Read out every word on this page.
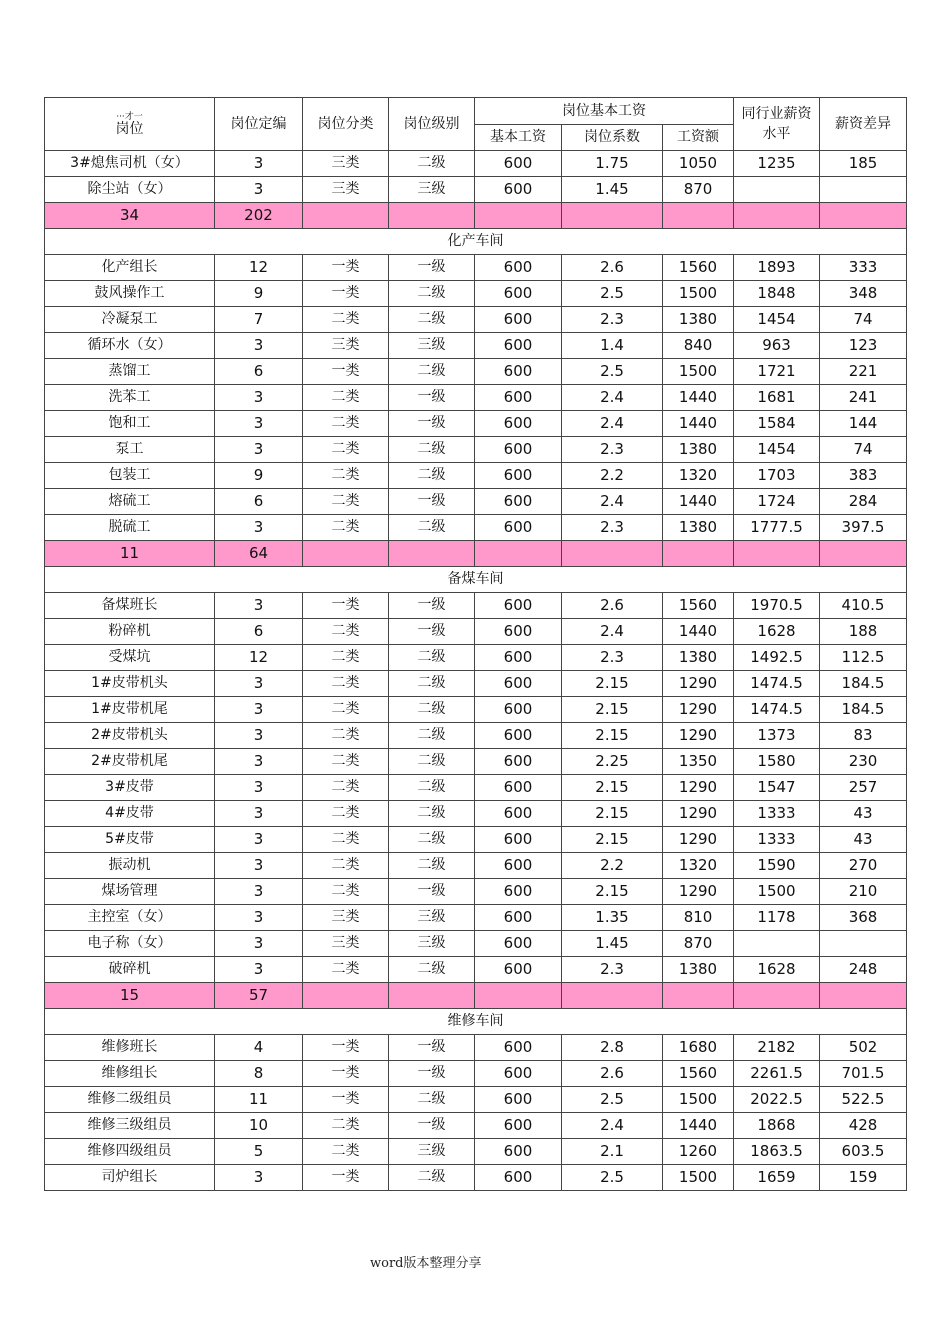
···才一
岗位	岗位定编	岗位分类	岗位级别	岗位基本工资			同行业薪资水平	薪资差异
				基本工资	岗位系数	工资额		
3#熄焦司机（女）	3	三类	二级	600	1.75	1050	1235	185
除尘站（女）	3	三类	三级	600	1.45	870		
34	202							
化产车间								
化产组长	12	一类	一级	600	2.6	1560	1893	333
鼓风操作工	9	一类	二级	600	2.5	1500	1848	348
冷凝泵工	7	二类	二级	600	2.3	1380	1454	74
循环水（女）	3	三类	三级	600	1.4	840	963	123
蒸馏工	6	一类	二级	600	2.5	1500	1721	221
洗苯工	3	二类	一级	600	2.4	1440	1681	241
饱和工	3	二类	一级	600	2.4	1440	1584	144
泵工	3	二类	二级	600	2.3	1380	1454	74
包装工	9	二类	二级	600	2.2	1320	1703	383
熔硫工	6	二类	一级	600	2.4	1440	1724	284
脱硫工	3	二类	二级	600	2.3	1380	1777.5	397.5
11	64							
备煤车间								
备煤班长	3	一类	一级	600	2.6	1560	1970.5	410.5
粉碎机	6	二类	一级	600	2.4	1440	1628	188
受煤坑	12	二类	二级	600	2.3	1380	1492.5	112.5
1#皮带机头	3	二类	二级	600	2.15	1290	1474.5	184.5
1#皮带机尾	3	二类	二级	600	2.15	1290	1474.5	184.5
2#皮带机头	3	二类	二级	600	2.15	1290	1373	83
2#皮带机尾	3	二类	二级	600	2.25	1350	1580	230
3#皮带	3	二类	二级	600	2.15	1290	1547	257
4#皮带	3	二类	二级	600	2.15	1290	1333	43
5#皮带	3	二类	二级	600	2.15	1290	1333	43
振动机	3	二类	二级	600	2.2	1320	1590	270
煤场管理	3	二类	一级	600	2.15	1290	1500	210
主控室（女）	3	三类	三级	600	1.35	810	1178	368
电子称（女）	3	三类	三级	600	1.45	870		
破碎机	3	二类	二级	600	2.3	1380	1628	248
15	57							
维修车间								
维修班长	4	一类	一级	600	2.8	1680	2182	502
维修组长	8	一类	一级	600	2.6	1560	2261.5	701.5
维修二级组员	11	一类	二级	600	2.5	1500	2022.5	522.5
维修三级组员	10	二类	一级	600	2.4	1440	1868	428
维修四级组员	5	二类	三级	600	2.1	1260	1863.5	603.5
司炉组长	3	一类	二级	600	2.5	1500	1659	159
word版本整理分享
